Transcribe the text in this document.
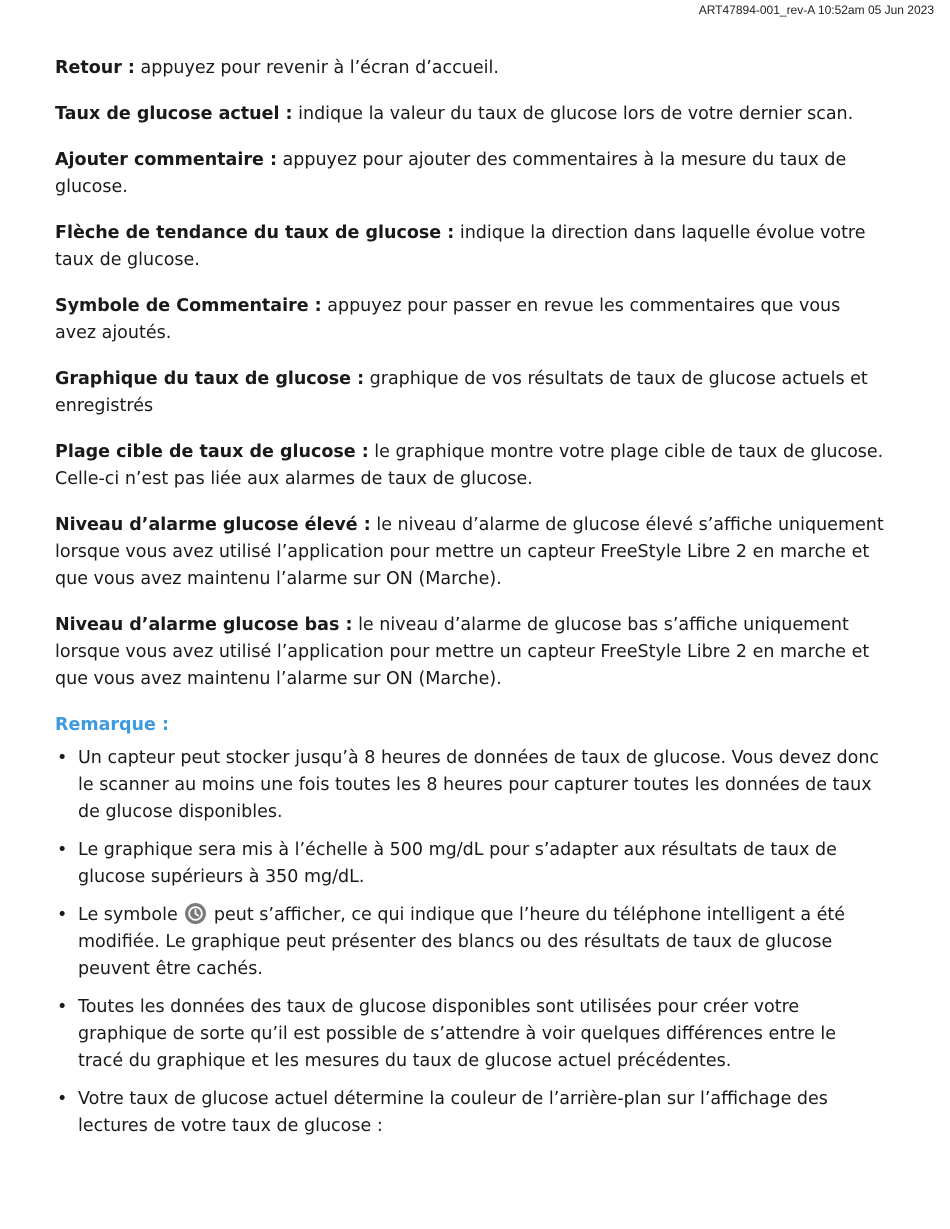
ART47894-001_rev-A 10:52am 05 Jun 2023

Retour : appuyez pour revenir à l’écran d’accueil.

Taux de glucose actuel : indique la valeur du taux de glucose lors de votre dernier scan.

Ajouter commentaire : appuyez pour ajouter des commentaires à la mesure du taux de glucose.

Flèche de tendance du taux de glucose : indique la direction dans laquelle évolue votre taux de glucose.

Symbole de Commentaire : appuyez pour passer en revue les commentaires que vous avez ajoutés.

Graphique du taux de glucose : graphique de vos résultats de taux de glucose actuels et enregistrés

Plage cible de taux de glucose : le graphique montre votre plage cible de taux de glucose. Celle-ci n’est pas liée aux alarmes de taux de glucose.

Niveau d’alarme glucose élevé : le niveau d’alarme de glucose élevé s’affiche uniquement lorsque vous avez utilisé l’application pour mettre un capteur FreeStyle Libre 2 en marche et que vous avez maintenu l’alarme sur ON (Marche).

Niveau d’alarme glucose bas : le niveau d’alarme de glucose bas s’affiche uniquement lorsque vous avez utilisé l’application pour mettre un capteur FreeStyle Libre 2 en marche et que vous avez maintenu l’alarme sur ON (Marche).

Remarque :
• Un capteur peut stocker jusqu’à 8 heures de données de taux de glucose. Vous devez donc le scanner au moins une fois toutes les 8 heures pour capturer toutes les données de taux de glucose disponibles.
• Le graphique sera mis à l’échelle à 500 mg/dL pour s’adapter aux résultats de taux de glucose supérieurs à 350 mg/dL.
• Le symbole  peut s’afficher, ce qui indique que l’heure du téléphone intelligent a été modifiée. Le graphique peut présenter des blancs ou des résultats de taux de glucose peuvent être cachés.
• Toutes les données des taux de glucose disponibles sont utilisées pour créer votre graphique de sorte qu’il est possible de s’attendre à voir quelques différences entre le tracé du graphique et les mesures du taux de glucose actuel précédentes.
• Votre taux de glucose actuel détermine la couleur de l’arrière-plan sur l’affichage des lectures de votre taux de glucose :
